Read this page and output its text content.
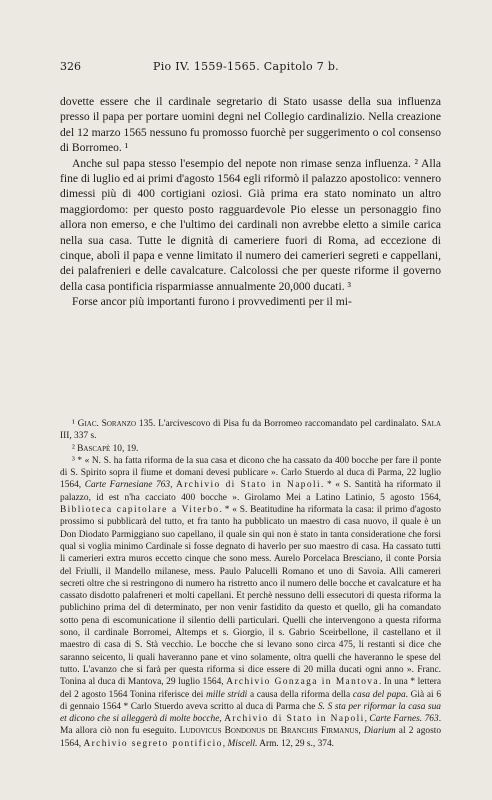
326	Pio IV. 1559-1565. Capitolo 7 b.

dovette essere che il cardinale segretario di Stato usasse della sua influenza presso il papa per portare uomini degni nel Collegio cardinalizio. Nella creazione del 12 marzo 1565 nessuno fu promosso fuorchè per suggerimento o col consenso di Borromeo. ¹

Anche sul papa stesso l'esempio del nepote non rimase senza influenza. ² Alla fine di luglio ed ai primi d'agosto 1564 egli riformò il palazzo apostolico: vennero dimessi più di 400 cortigiani oziosi. Già prima era stato nominato un altro maggiordomo: per questo posto ragguardevole Pio elesse un personaggio fino allora non emerso, e che l'ultimo dei cardinali non avrebbe eletto a simile carica nella sua casa. Tutte le dignità di cameriere fuori di Roma, ad eccezione di cinque, abolì il papa e venne limitato il numero dei camerieri segreti e cappellani, dei palafrenieri e delle cavalcature. Calcolossi che per queste riforme il governo della casa pontificia risparmiasse annualmente 20,000 ducati. ³

Forse ancor più importanti furono i provvedimenti per il mi-

¹ Giac. Soranzo 135. L'arcivescovo di Pisa fu da Borromeo raccomandato pel cardinalato. Sala III, 337 s.

² Bascapè 10, 19.

³ * « N. S. ha fatta riforma de la sua casa et dicono che ha cassato da 400 bocche per fare il ponte di S. Spirito sopra il fiume et domani devesi publicare ». Carlo Stuerdo al duca di Parma, 22 luglio 1564, Carte Farnesiane 763, Archivio di Stato in Napoli. * « S. Santità ha riformato il palazzo, id est n'ha cacciato 400 bocche ». Girolamo Mei a Latino Latinio, 5 agosto 1564, Biblioteca capitolare a Viterbo. * « S. Beatitudine ha riformata la casa: il primo d'agosto prossimo si pubblicarà del tutto, et fra tanto ha pubblicato un maestro di casa nuovo, il quale è un Don Diodato Parmiggiano suo capellano, il quale sin qui non è stato in tanta consideratione che forsi qual si voglia minimo Cardinale si fosse degnato di haverlo per suo maestro di casa. Ha cassato tutti li camerieri extra muros eccetto cinque che sono mess. Aurelo Porcelaca Bresciano, il conte Porsia del Friulli, il Mandello milanese, mess. Paulo Palucelli Romano et uno di Savoia. Alli camereri secreti oltre che si restringono di numero ha ristretto anco il numero delle bocche et cavalcature et ha cassato disdotto palafreneri et molti capellani. Et perchè nessuno delli essecutori di questa riforma la publichino prima del dì determinato, per non venir fastidito da questo et quello, gli ha comandato sotto pena di escomunicatione il silentio delli particulari. Quelli che intervengono a questa riforma sono, il cardinale Borromei, Altemps et s. Giorgio, il s. Gabrio Sceirbellone, il castellano et il maestro di casa di S. Stà vecchio. Le bocche che si levano sono circa 475, li restanti si dice che saranno seicento, li quali haveranno pane et vino solamente, oltra quelli che haveranno le spese del tutto. L'avanzo che si farà per questa riforma si dice essere di 20 milla ducati ogni anno ». Franc. Tonina al duca di Mantova, 29 luglio 1564, Archivio Gonzaga in Mantova. In una * lettera del 2 agosto 1564 Tonina riferisce dei mille stridi a causa della riforma della casa del papa. Già ai 6 di gennaio 1564 * Carlo Stuerdo aveva scritto al duca di Parma che S. S sta per riformar la casa sua et dicono che si alleggerà di molte bocche, Archivio di Stato in Napoli, Carte Farnes. 763. Ma allora ciò non fu eseguito. Ludovicus Bondonus de Branchis Firmanus, Diarium al 2 agosto 1564, Archivio segreto pontificio, Miscell. Arm. 12, 29 s., 374.
